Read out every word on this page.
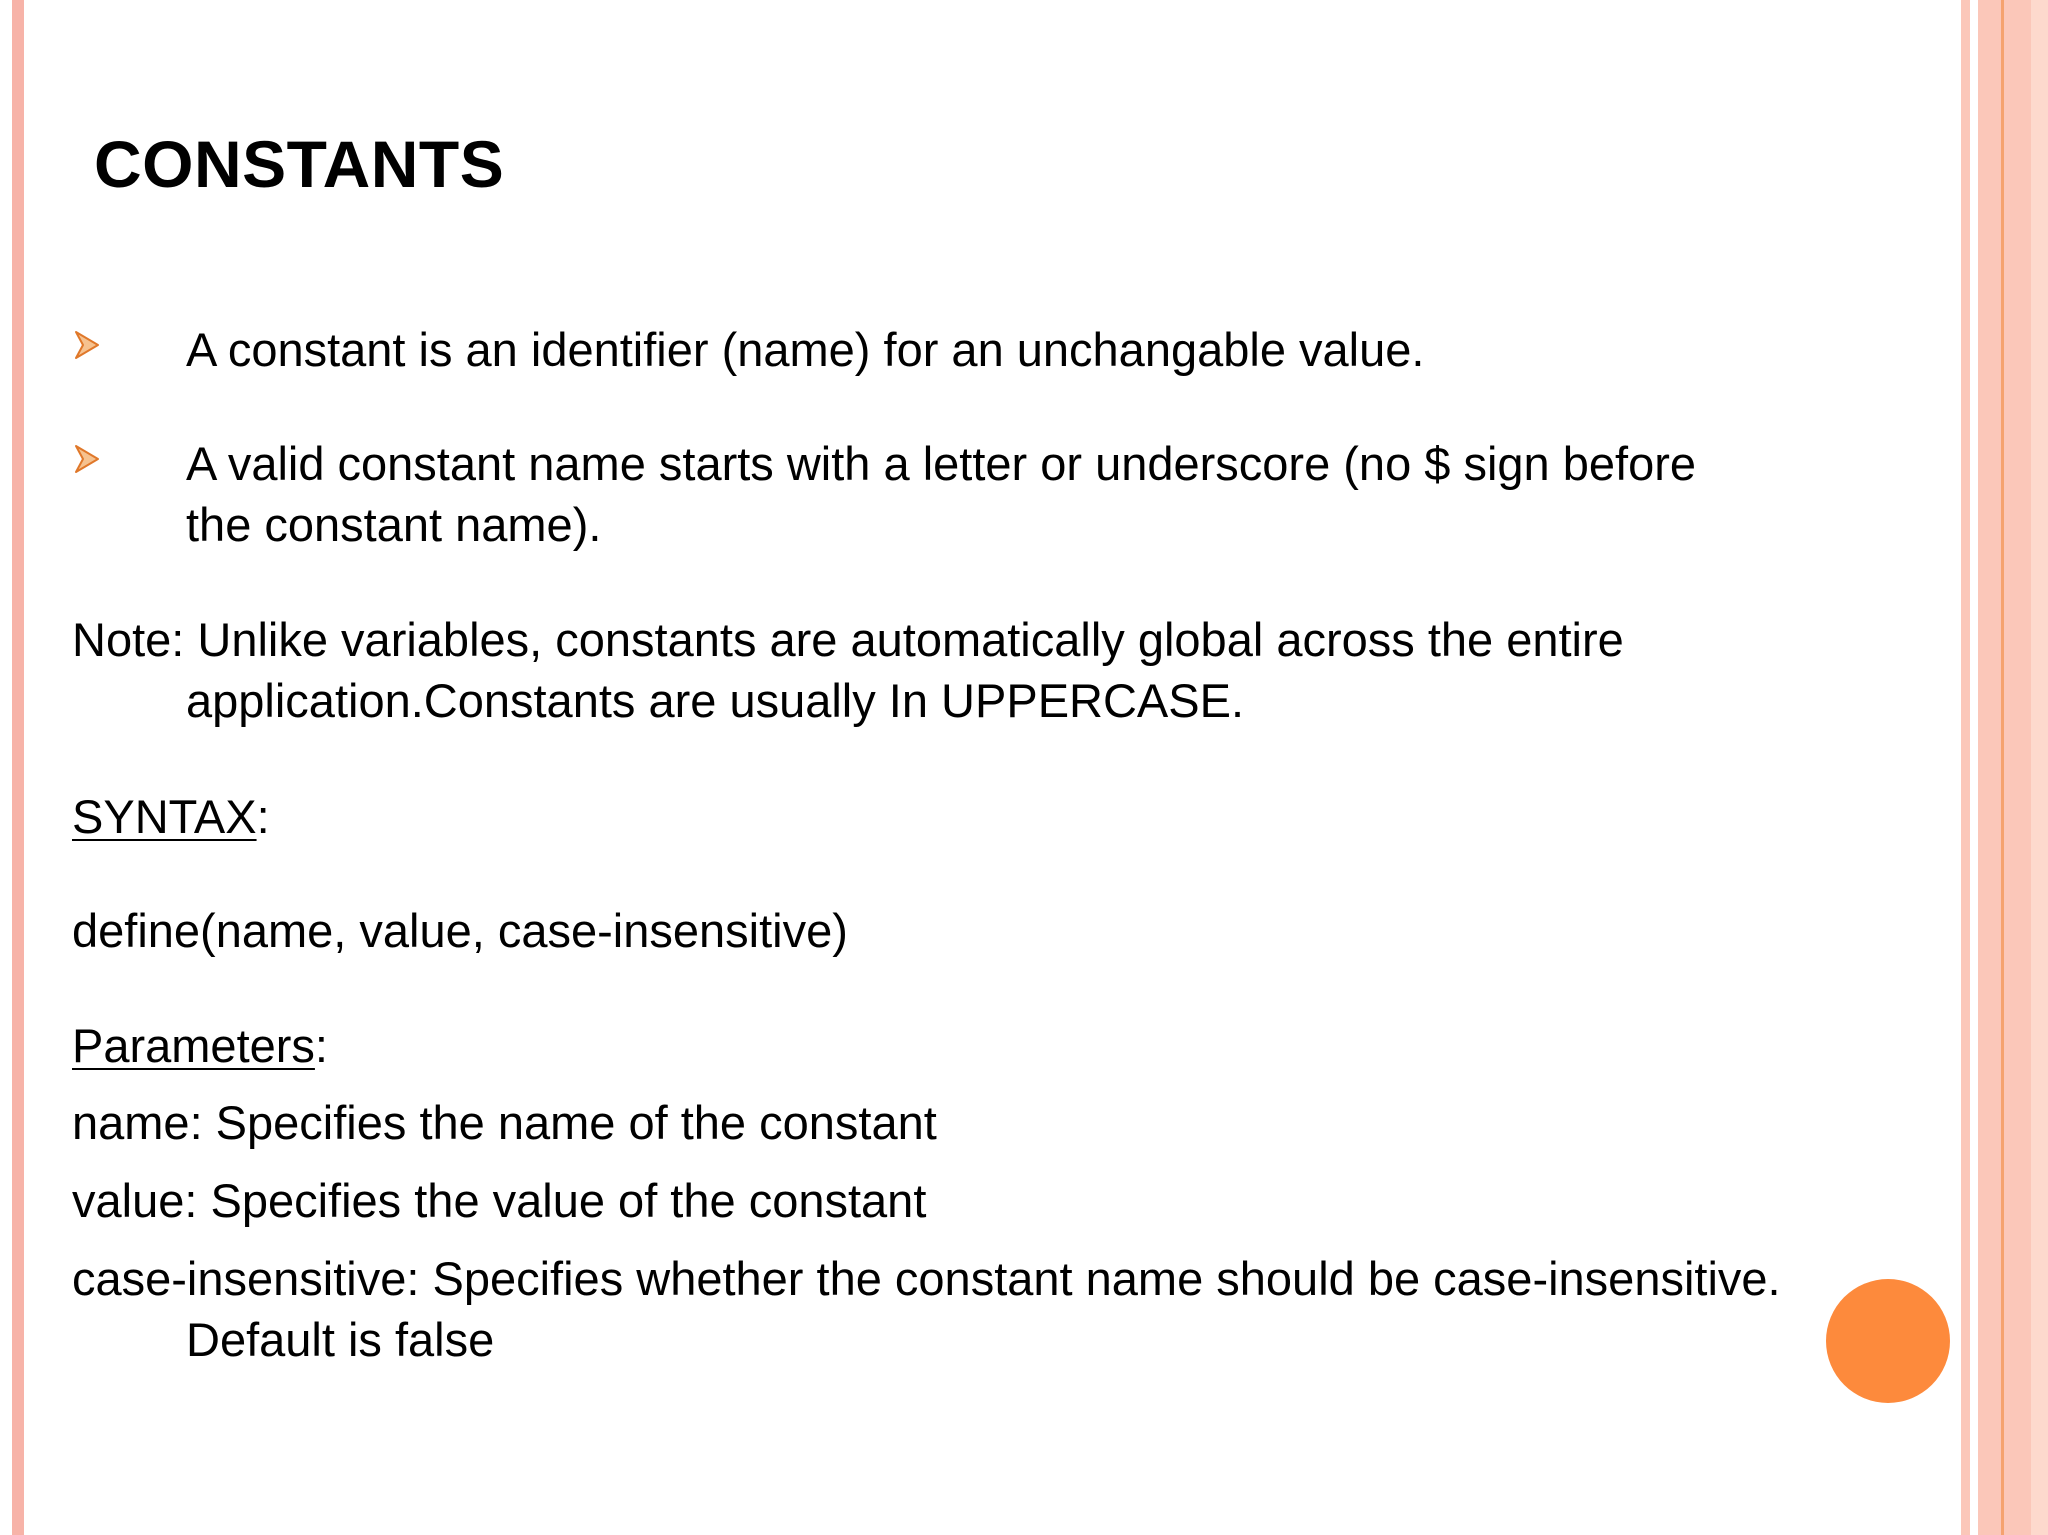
CONSTANTS
A constant is an identifier (name) for an unchangable value.
A valid constant name starts with a letter or underscore (no $ sign before
the constant name).
Note: Unlike variables, constants are automatically global across the entire
application.Constants are usually In UPPERCASE.
SYNTAX:
define(name, value, case-insensitive)
Parameters:
name: Specifies the name of the constant
value: Specifies the value of the constant
case-insensitive: Specifies whether the constant name should be case-insensitive.
Default is false
